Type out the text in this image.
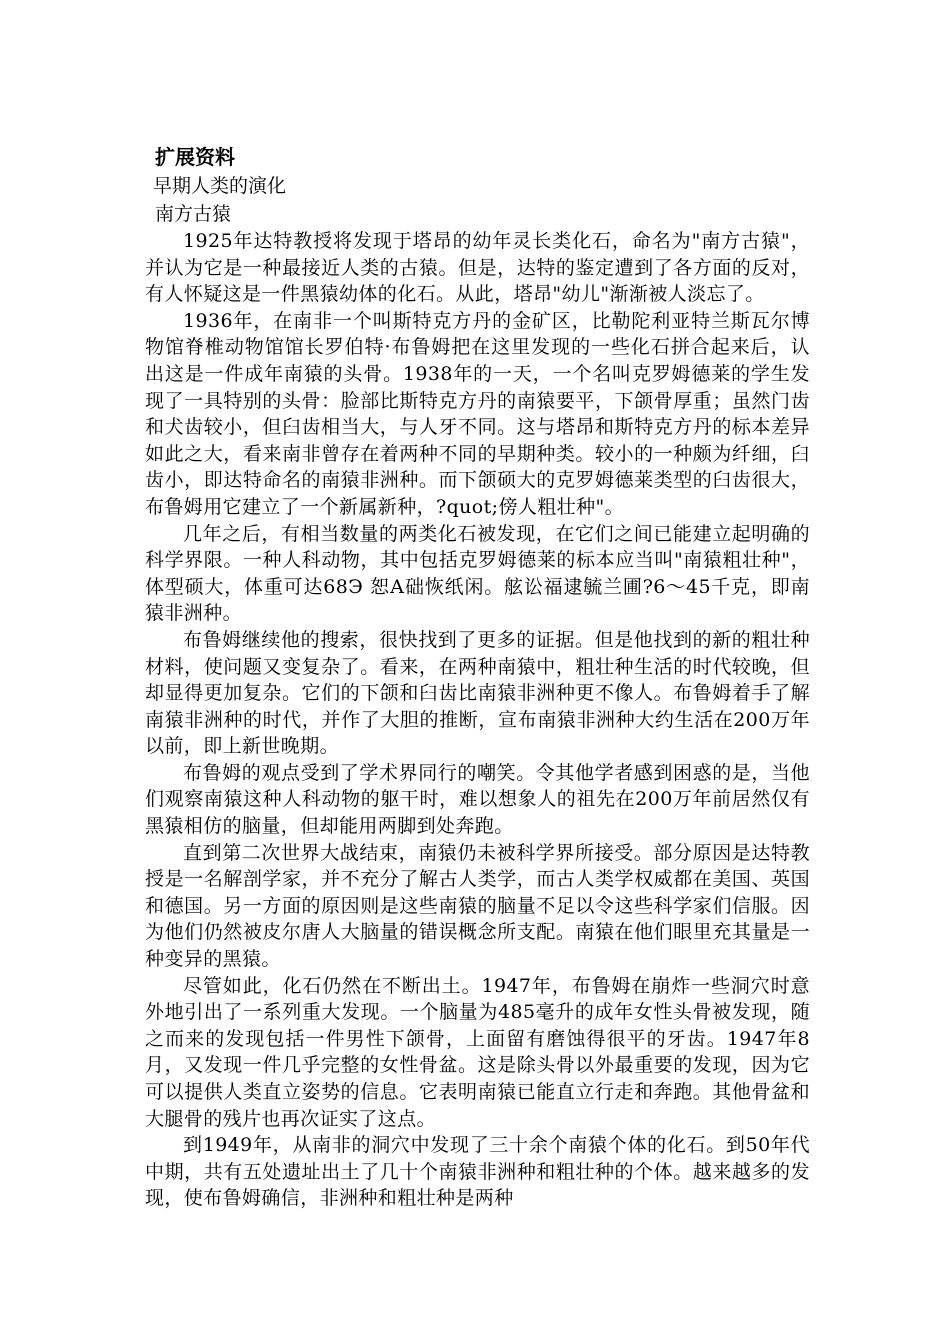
扩展资料
早期人类的演化
南方古猿

1925年达特教授将发现于塔昂的幼年灵长类化石，命名为"南方古猿"，并认为它是一种最接近人类的古猿。但是，达特的鉴定遭到了各方面的反对，有人怀疑这是一件黑猿幼体的化石。从此，塔昂"幼儿"渐渐被人淡忘了。

1936年，在南非一个叫斯特克方丹的金矿区，比勒陀利亚特兰斯瓦尔博物馆脊椎动物馆馆长罗伯特·布鲁姆把在这里发现的一些化石拼合起来后，认出这是一件成年南猿的头骨。1938年的一天，一个名叫克罗姆德莱的学生发现了一具特别的头骨：脸部比斯特克方丹的南猿要平，下颌骨厚重；虽然门齿和犬齿较小，但臼齿相当大，与人牙不同。这与塔昂和斯特克方丹的标本差异如此之大，看来南非曾存在着两种不同的早期种类。较小的一种颇为纤细，臼齿小，即达特命名的南猿非洲种。而下颌硕大的克罗姆德莱类型的臼齿很大，布鲁姆用它建立了一个新属新种，?quot;傍人粗壮种"。

几年之后，有相当数量的两类化石被发现，在它们之间已能建立起明确的科学界限。一种人科动物，其中包括克罗姆德莱的标本应当叫"南猿粗壮种"，体型硕大，体重可达68Э 恕А础恢纸闲。舷讼福逮毓兰圃?6～45千克，即南猿非洲种。

布鲁姆继续他的搜索，很快找到了更多的证据。但是他找到的新的粗壮种材料，使问题又变复杂了。看来，在两种南猿中，粗壮种生活的时代较晚，但却显得更加复杂。它们的下颌和臼齿比南猿非洲种更不像人。布鲁姆着手了解南猿非洲种的时代，并作了大胆的推断，宣布南猿非洲种大约生活在200万年以前，即上新世晚期。

布鲁姆的观点受到了学术界同行的嘲笑。令其他学者感到困惑的是，当他们观察南猿这种人科动物的躯干时，难以想象人的祖先在200万年前居然仅有黑猿相仿的脑量，但却能用两脚到处奔跑。

直到第二次世界大战结束，南猿仍未被科学界所接受。部分原因是达特教授是一名解剖学家，并不充分了解古人类学，而古人类学权威都在美国、英国和德国。另一方面的原因则是这些南猿的脑量不足以令这些科学家们信服。因为他们仍然被皮尔唐人大脑量的错误概念所支配。南猿在他们眼里充其量是一种变异的黑猿。

尽管如此，化石仍然在不断出土。1947年，布鲁姆在崩炸一些洞穴时意外地引出了一系列重大发现。一个脑量为485毫升的成年女性头骨被发现，随之而来的发现包括一件男性下颌骨，上面留有磨蚀得很平的牙齿。1947年8月，又发现一件几乎完整的女性骨盆。这是除头骨以外最重要的发现，因为它可以提供人类直立姿势的信息。它表明南猿已能直立行走和奔跑。其他骨盆和大腿骨的残片也再次证实了这点。

到1949年，从南非的洞穴中发现了三十余个南猿个体的化石。到50年代中期，共有五处遗址出土了几十个南猿非洲种和粗壮种的个体。越来越多的发现，使布鲁姆确信，非洲种和粗壮种是两种
